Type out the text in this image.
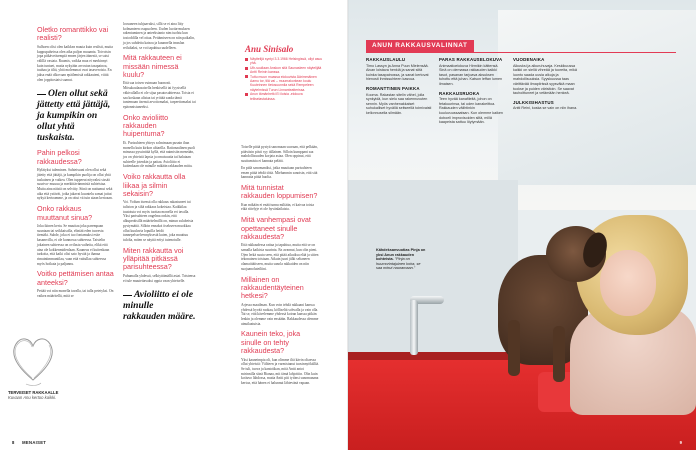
Oletko romanttikko vai realisti?

Sulhoen olisi olen kaikkea muuta kuin realisti, mutta kuppupuheissa olen aika paljon muuanta. Toivoisin jopa pitkävetisempiä ennen järjen äänestä, se saisi välillä vastata. Ruumis, vaikka mua ei merkinnyt kuin tuntuet, mutta nykyään arvostan tasapainoa, tuuhaa ja tiltä, yhtä molemmat ovat tasaveroisia. En jaksa enää olkovaan epäilemistä rakkauteni, viittä olen joppitosiaisi saanut.

Olen ollut sekä jättetty että jättäjä, ja kumpikin on ollut yhtä tuskaista.
Pahin pelkosi rakkaudessa?

Hylätyksi tuleminen. Suhteissani olen ollut sekä jätetty että jättäjä, ja kumpikin puolija on ollut yhtä tuskainen ja vaikea. Olen tuppeeut nöyvaksi sissää suuriva- muuuu ja merkittävämmistä suhteistaa. Mutta aina näistä on selvitty. Siinä on nuttumut sekä aika että ystävät, jotka jakavat kuuntelu samat juttut nykyä kertoamme, ja on ottut vä tuin aiaan kertoaan.

Onko rakkaus muuttanut sinua?

Joka ikinen kerta. Se muuttaa joka parempaan suuntaan tai seikkaisolla, elintää eden tuoresta tiemäkt. Suhde, joka ei tuo fontamuksi esite kasamvilla, ei ole kunnossa suhteessa. Taistelin jokainen suhteessa on ovilasta vaiheita, elikä että aina ole kokkenmidenlaan. Kauneus ei kuitenkaan tarkoita, että kaiki olisi sato hyvää ja ihanaa rimaintimmantilaa, vaan että vaitullaa suhteessa myös hoikata ja paljannu.

Voitko pettämisen antaa anteeksi?

Pettää voi niin monella tavalla, tai tulla petetyksi. On vaikea määritellä, mitä se

loosaneen tuhjaavaksi, sillä se ei aina liity kolmanteen osapuoleen. Uuden luotta-muksen rakentaminen ja anteeksianto nim tuohtu kun tosioddilla vel ottaa. Pettämiseen on niin paikalin, ja jos suhdetta katsoa ja kuunnella tmaslan reilultaksi, se voi tapahtua uudelleen.

Mitä rakkauteen ei missään nimessä kuulu?

Että saa toisen vuimaan huonosti. Mitsukaulaasaisella henkisellä tai fyysisellä väkivallalla ei ole sijaa pasutosuhteessa. Toista ei saa koskaan alistaa tai yrittää saada tämä tuntemaan itsensä arvottomaksi, tarpeettomaksi tai epäonnistuneeksi.

Onko avioliitto rakkauden huipentuma?

Ei. Parisuhteen yhteys solmimaan pusnin ihan monella kuin kirkon alttarilla. Rationaalinen puoli minussa pyssinttää kyllä, että naimisiin meneään, jos on yhteistä lapsia ja omaisuutta tai halutaan suhteelle jotenkin ja paitaa. Avioliitto ei kuitenkaan ole minulle mikään rakkauden mitta.

Voiko rakkautta olla liikaa ja silmin sekaisin?

Voi. Voiban itsensä olla rakkaus rakastuneet tai tuliston ja siltä rakkaus kokeistaa. Kaikkilaa tuutotuta voi myös tuottaa monella eri tavalla. Yksi parisuhteen ongelma onkin, että alkuperäisillä määritelmillä on, minun sulubeista pystymättä. Silloin ennakoi itsekseen muokkaa ollut kuuluvia lopuilla heidä tunnepelsselvennyksestä kuten, joka muuttuu tulolta, miten se näyttä erityi tutenotulle.

Miten rakkautta voi ylläpitää pitkässä parisuhteessa?

Puhumalla yhdessä, selkiyttämällä asiat. Toistensa ei tule muutettavaksi oppia vaan yhteiselle.

Avioliitto ei ole minulle rakkauden määre.
Anu Sinisalo
Näyttelijä syntyi 3.3.1966 Helsingissä, ollyt asuu yhä.
Ulh-suullaan Anskon sitä Saunasleen näytelijää Antti Reinin kanssa.
Tuttu muun muassa elokuvista Äärimmäinen Aamu tor, tilä vai – muumakorkean koulu Kuuteinnen tietosuunnila sekä Rempeleen näytelmissä Turun Linnanteatterissa.
Anun tämänhetki Ei iloisia -elokuva teliiselastaluissa.

Toiselle pitää pystyä sanomaan suoraan, että pelkään, pitäväsin piisti syy tällainen. Silloin kumppani saa mahdollisuuden korjata asiaa. Olen oppinut, että suuttumista ei kannata pelätä.

En pidä sanomaniksi, jotka muuttaan parisuhteen ensen pitää tehdä töitä. Mielummin sanoisin, että sitä kannatta pitää huolta.

Mitä tunnistat rakkauden loppumisen?

Kun mikään ei enää tunnu miltään, ei kaivoa toista eikä riitelyje ei ole hyvänlailaista.

Mitä vanhempasi ovat opettaneet sinulle rakkaudesta?

Että rakkaudessa rattaa ja tapahtua, mutta että se on samalla kaikista suurinta. En avannut, kun olin pieni. Ojen lerkä suuta seen, että pitää aikuiksa elää ja sitten tekonainen toistaan. Aikuin juuri jälki seltaneen olamaittäitseen, mutta sanola rakkaiden on niin suojaanoluteiliini.

Millainen on rakkaudentäyteinen hetkesi?

Arjessa maailman. Kun voin tehdä rakkaani kanssa yhdessä hyvää ruokaa, kölliseltä sohvalla ja vain olla. Tai se, että kävelemme yhdessä koiran kanssa pitkän lenkin ja olemme vain ensäään. Rakkaudessa olemme ainutlaatuisia.

Kaunein teko, joka sinulle on tehty rakkaudesta?

Yksi kauneimpia oli, kun olimme iltä kävin oltaessa ollut yhteistä: Väliteen ja varmistanut tuosinnyökälliä. Se tuli, tuova ja kantoiikan, mitä Antti antoi mirinnilla siinä Bianaa, mit tämä lahjottiin. Olin kuin kotiuvo lähdossa, mutta Antti piti tytönsi sanomanana kertoa, että hänen ei halunnut lähtevänä vapaan.

TERVEISET RAKKAALLE
Kuvaan Anu kertoo kaikki.
8 MENAISET
ANUN RAKKAUSVALINNAT
RAKKAUSLAULU

Timo Lassyn ja Anna Puun Mielensää. Aivan loistava henkiä ja sanat siitä kuinka tasapainossa, ja sanat kertovat hienosti ihmissuhteen kasvua.

ROMANTTINEN PAIKKA

Kooma. Rakastan sitelin vähel, jolla synkyidä, kun sielu saa rakennuvuten sennin. Myös vanhenakkaiset suhukalliset hyvällä seitseellä toimivaisti kellonnusella silmään.

PARAS RAKKAUSELOKUVA

Animaatioelokuva Hirmikin kättensä. Sinä on olemassa rakkauden kaikki tasot, pasanan tarjoava aksuksen tuhottu että juhan. Katson leffan lumen ilmaisen.

RAKKAUSRUOKA

Teen hyvää kanafileitä, johon on fetakuurinsa, tai uden kanakeittoa. Rakkauden välihtinkin kuuluvuussaatsan. Kun olemme kaiken doboeli improvisoiden siltä, millä kaapeista sattuu löytymään.

VUODENAIKA

Alkusksi ja alkuruhuvaja. Keskikuussa kaikki on siellä vihreää ja tuoreita, mikä luonto saada uusia alkuja ja mahdollisuuksia. Syyskuussa taas värittävää ilmapiirissä syysväkä maan tuokse ja puiden värisitoin. Se saavat tauhoittuneet ja vetämään henkeä.

JULKKISIHASTUS

Antti Reini, koska se vain on niin ihana.

Kähdeksanvuotias Pinja on yksi Anun rakkauden kohteista. "Pinja on huumorintajuinen koira, se saa minut nauramaan."
9
